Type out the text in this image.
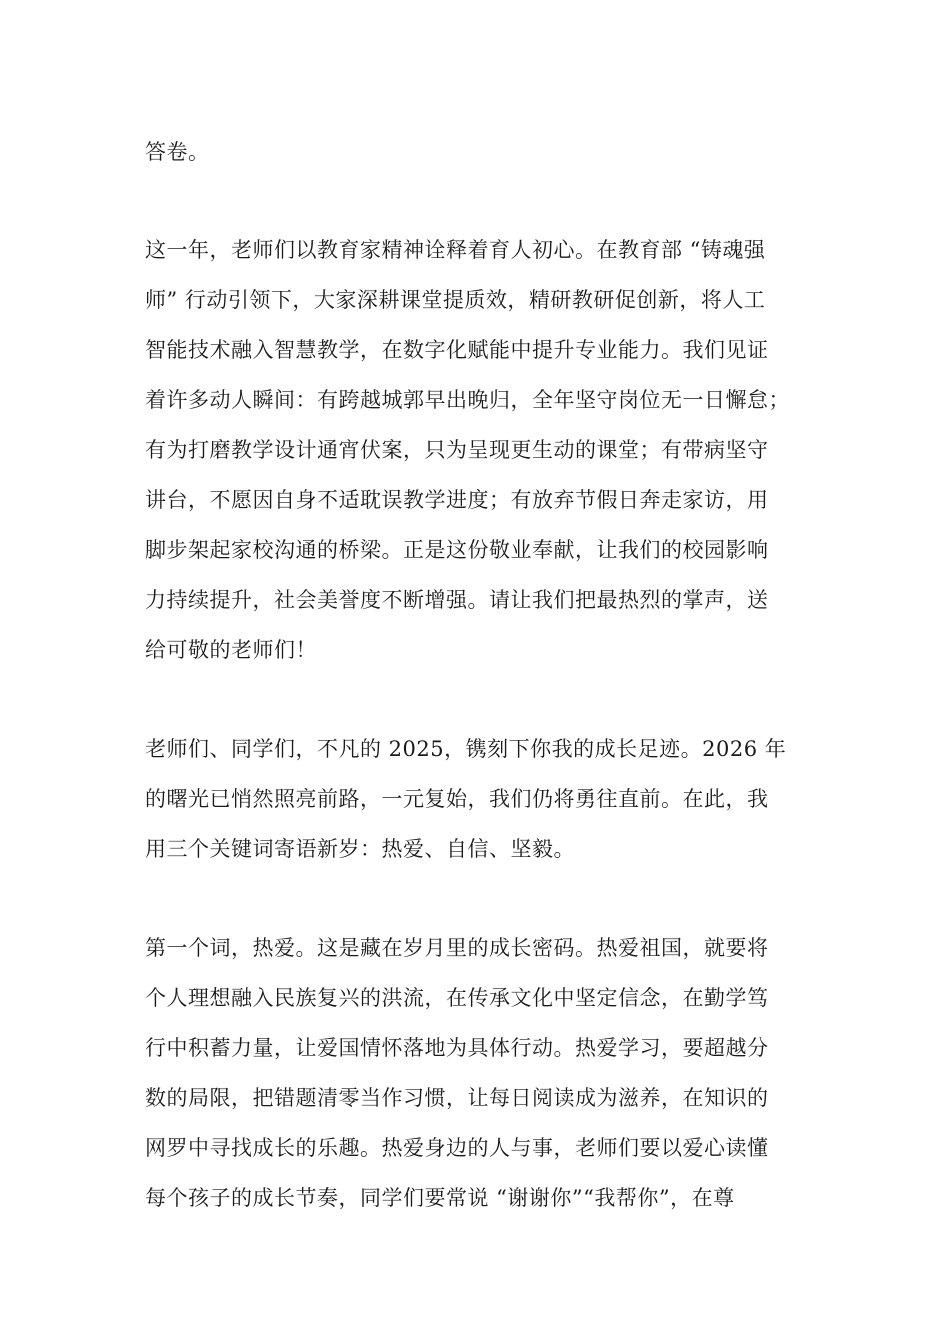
答卷。
这一年，老师们以教育家精神诠释着育人初心。在教育部 “铸魂强
师” 行动引领下，大家深耕课堂提质效，精研教研促创新，将人工
智能技术融入智慧教学，在数字化赋能中提升专业能力。我们见证
着许多动人瞬间：有跨越城郭早出晚归，全年坚守岗位无一日懈怠；
有为打磨教学设计通宵伏案，只为呈现更生动的课堂；有带病坚守
讲台，不愿因自身不适耽误教学进度；有放弃节假日奔走家访，用
脚步架起家校沟通的桥梁。正是这份敬业奉献，让我们的校园影响
力持续提升，社会美誉度不断增强。请让我们把最热烈的掌声，送
给可敬的老师们！
老师们、同学们，不凡的 2025，镌刻下你我的成长足迹。2026 年
的曙光已悄然照亮前路，一元复始，我们仍将勇往直前。在此，我
用三个关键词寄语新岁：热爱、自信、坚毅。
第一个词，热爱。这是藏在岁月里的成长密码。热爱祖国，就要将
个人理想融入民族复兴的洪流，在传承文化中坚定信念，在勤学笃
行中积蓄力量，让爱国情怀落地为具体行动。热爱学习，要超越分
数的局限，把错题清零当作习惯，让每日阅读成为滋养，在知识的
网罗中寻找成长的乐趣。热爱身边的人与事，老师们要以爱心读懂
每个孩子的成长节奏，同学们要常说 “谢谢你”“我帮你”，在尊
